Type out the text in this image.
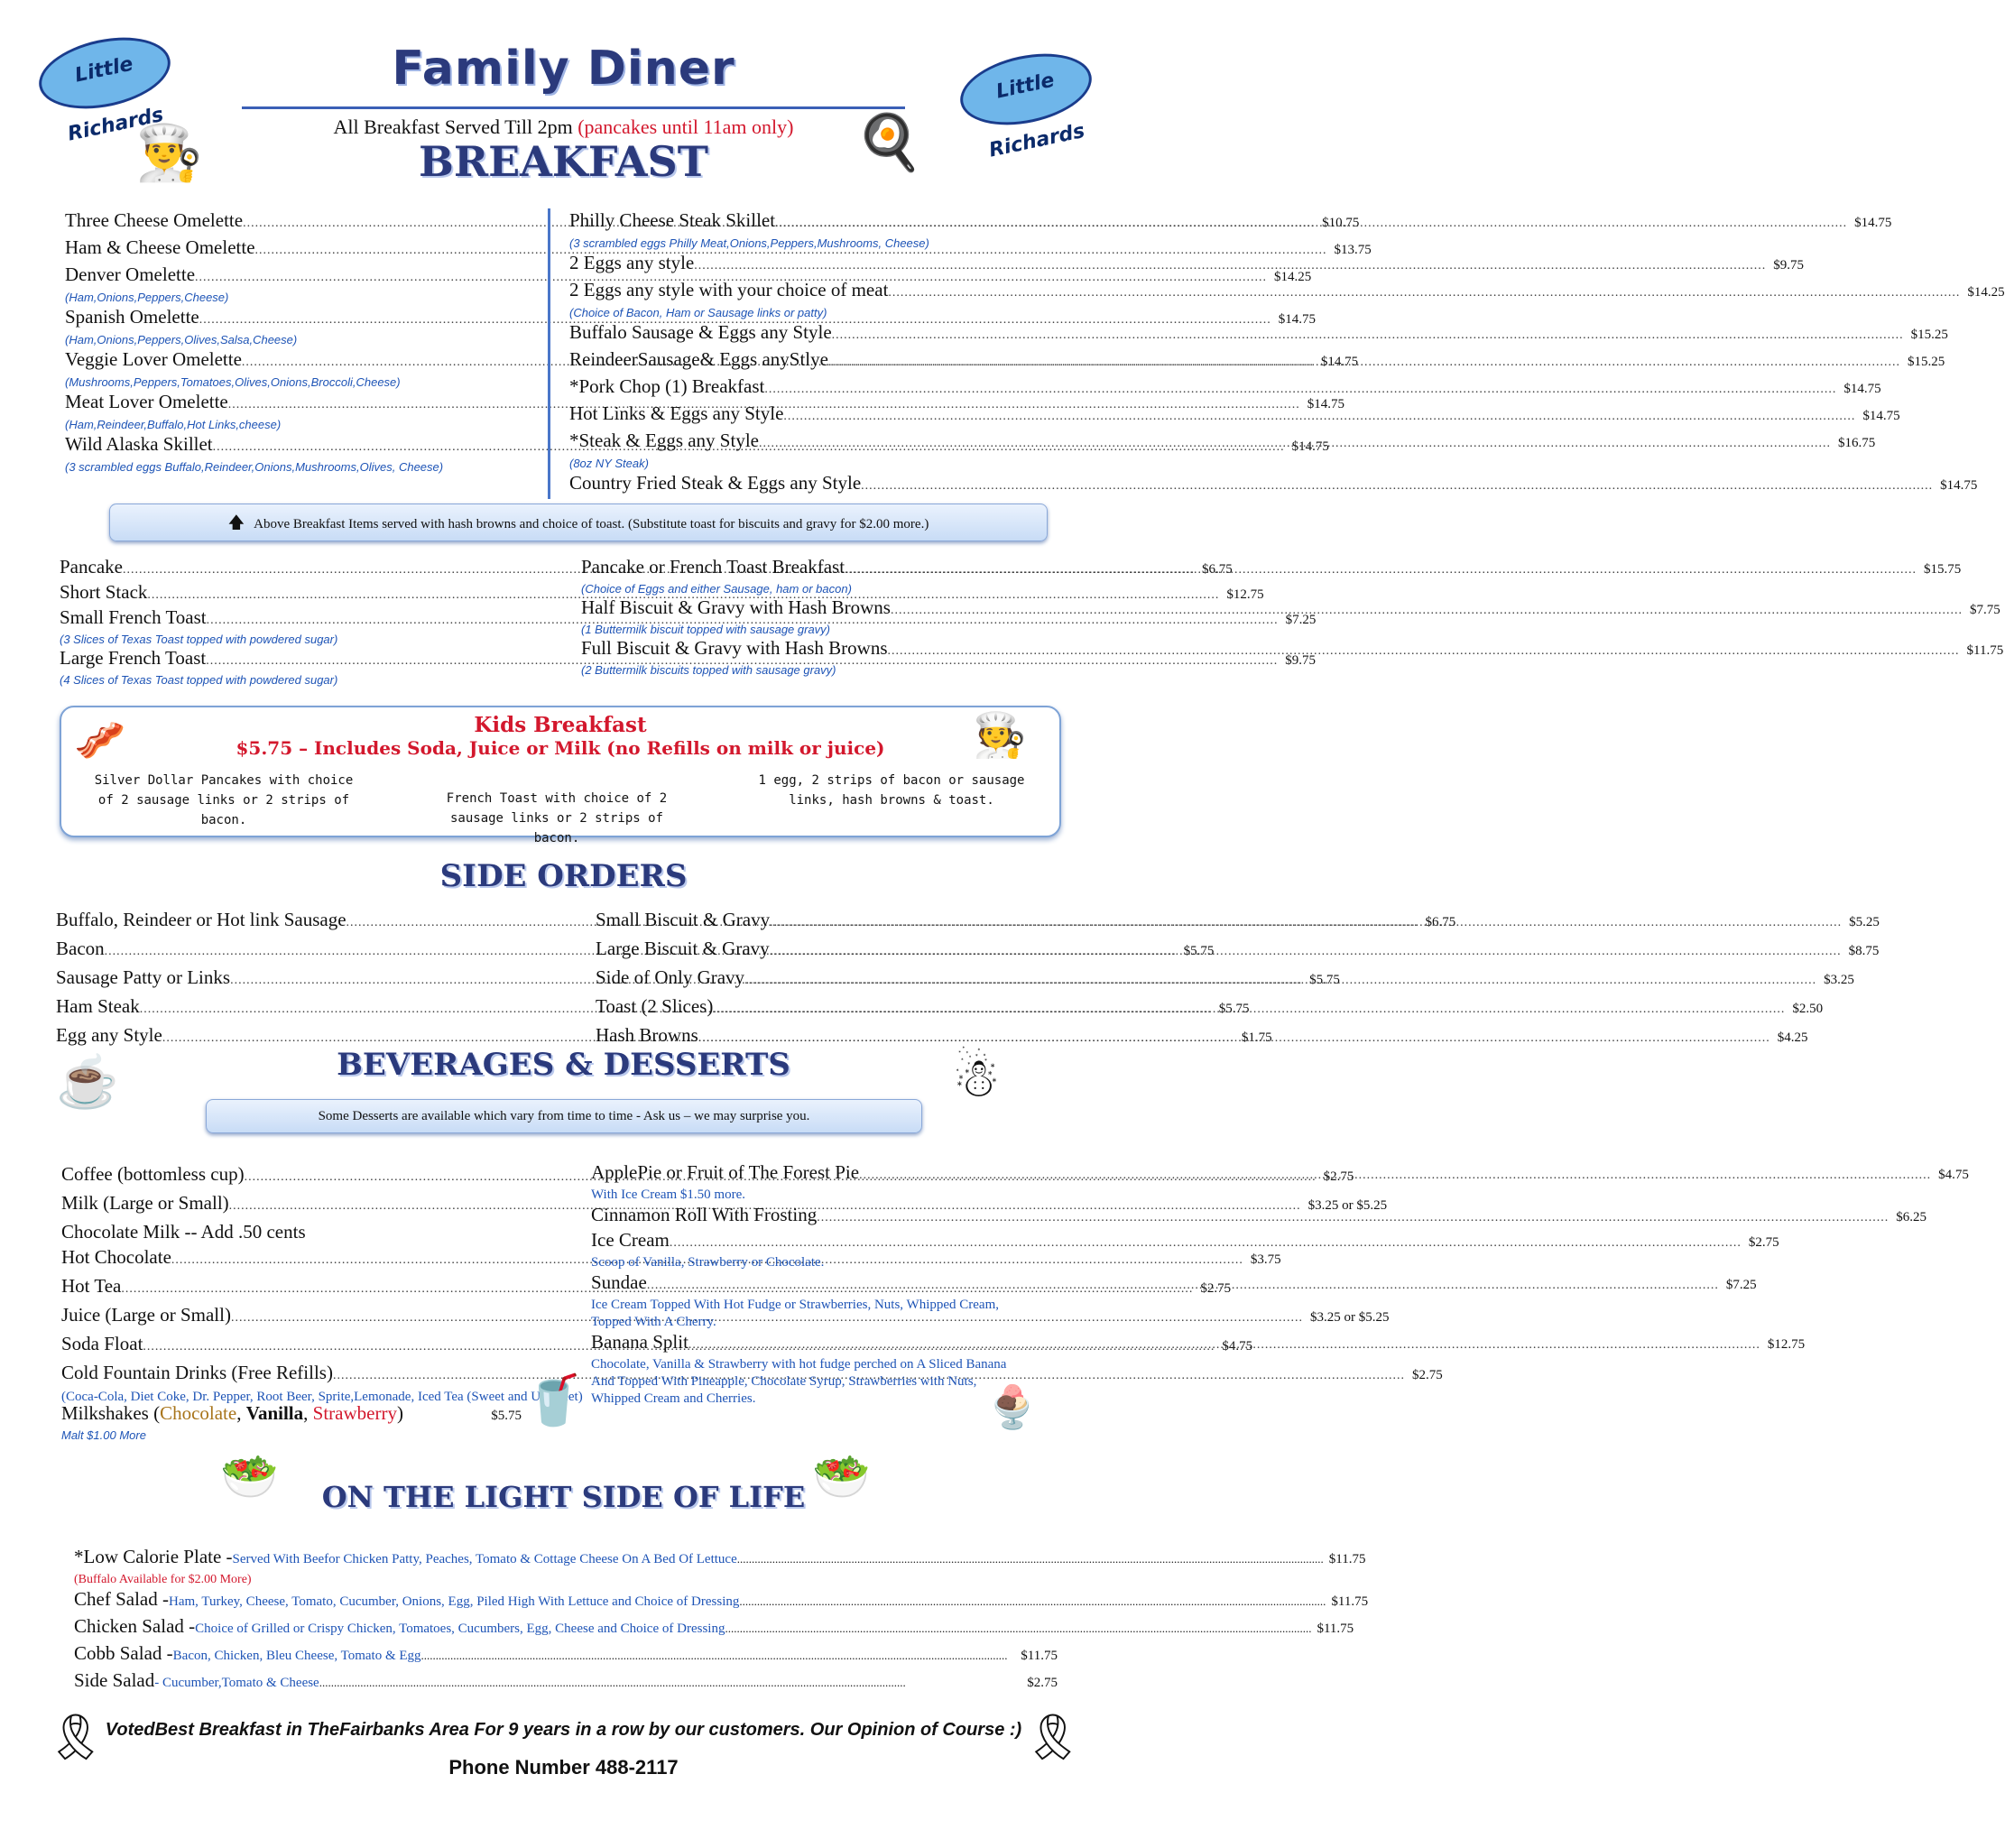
Little Richards
Little Richards
Family Diner
All Breakfast Served Till 2pm (pancakes until 11am only)
👨‍🍳	🍳
BREAKFAST
Three Cheese Omelette .....	$10.75
Ham & Cheese Omelette .....	$13.75
Denver Omelette .....	$14.25
(Ham,Onions,Peppers,Cheese)
Spanish Omelette .....	$14.75
(Ham,Onions,Peppers,Olives,Salsa,Cheese)
Veggie Lover Omelette .....	$14.75
(Mushrooms,Peppers,Tomatoes,Olives,Onions,Broccoli,Cheese)
Meat Lover Omelette .....	$14.75
(Ham,Reindeer,Buffalo,Hot Links,cheese)
Wild Alaska Skillet .....	$14.75
(3 scrambled eggs Buffalo,Reindeer,Onions,Mushrooms,Olives, Cheese)
Philly Cheese Steak Skillet .....	$14.75
(3 scrambled eggs Philly Meat,Onions,Peppers,Mushrooms, Cheese)
2 Eggs any style .....	$9.75
2 Eggs any style with your choice of meat .....	$14.25
(Choice of Bacon, Ham or Sausage links or patty)
Buffalo Sausage & Eggs any Style .....	$15.25
ReindeerSausage& Eggs anyStlye .....	$15.25
*Pork Chop (1) Breakfast .....	$14.75
Hot Links & Eggs any Style .....	$14.75
*Steak & Eggs any Style .....	$16.75
(8oz NY Steak)
Country Fried Steak & Eggs any Style .....	$14.75
🡅 Above Breakfast Items served with hash browns and choice of toast. (Substitute toast for biscuits and gravy for $2.00 more.)
Pancake .....	$6.75
Short Stack .....	$12.75
Small French Toast .....	$7.25
(3 Slices of Texas Toast topped with powdered sugar)
Large French Toast .....	$9.75
(4 Slices of Texas Toast topped with powdered sugar)
Pancake or French Toast Breakfast .....	$15.75
(Choice of Eggs and either Sausage, ham or bacon)
Half Biscuit & Gravy with Hash Browns .....	$7.75
(1 Buttermilk biscuit topped with sausage gravy)
Full Biscuit & Gravy with Hash Browns .....	$11.75
(2 Buttermilk biscuits topped with sausage gravy)
Kids Breakfast
$5.75 – Includes Soda, Juice or Milk (no Refills on milk or juice)
🥓	🧑‍🍳
Silver Dollar Pancakes with choice of 2 sausage links or 2 strips of bacon.
French Toast with choice of 2 sausage links or 2 strips of bacon.
1 egg, 2 strips of bacon or sausage links, hash browns & toast.
SIDE ORDERS
Buffalo, Reindeer or Hot link Sausage .....	$6.75
Bacon .....	$5.75
Sausage Patty or Links .....	$5.75
Ham Steak .....	$5.75
Egg any Style .....	$1.75
Small Biscuit & Gravy .....	$5.25
Large Biscuit & Gravy .....	$8.75
Side of Only Gravy .....	$3.25
Toast (2 Slices) .....	$2.50
Hash Browns .....	$4.25
☕	☃
BEVERAGES & DESSERTS
Some Desserts are available which vary from time to time - Ask us – we may surprise you.
Coffee (bottomless cup) .....	$2.75
Milk (Large or Small) .....	$3.25 or $5.25
Chocolate Milk -- Add .50 cents
Hot Chocolate .....	$3.75
Hot Tea .....	$2.75
Juice (Large or Small) .....	$3.25 or $5.25
Soda Float .....	$4.75
Cold Fountain Drinks (Free Refills) .....	$2.75
(Coca-Cola, Diet Coke, Dr. Pepper, Root Beer, Sprite,Lemonade, Iced Tea (Sweet and Unsweet)
Milkshakes (Chocolate, Vanilla, Strawberry)	$5.75
Malt $1.00 More
🥤
ApplePie or Fruit of The Forest Pie .....	$4.75
With Ice Cream $1.50 more.
Cinnamon Roll With Frosting .....	$6.25
Ice Cream .....	$2.75
Scoop of Vanilla, Strawberry or Chocolate.
Sundae .....	$7.25
Ice Cream Topped With Hot Fudge or Strawberries, Nuts, Whipped Cream, Topped With A Cherry.
Banana Split .....	$12.75
Chocolate, Vanilla & Strawberry with hot fudge perched on A Sliced Banana And Topped With Pineapple, Chocolate Syrup, Strawberries with Nuts, Whipped Cream and Cherries.	🍨
🥗	🥗
ON THE LIGHT SIDE OF LIFE
*Low Calorie Plate - Served With Beefor Chicken Patty, Peaches, Tomato & Cottage Cheese On A Bed Of Lettuce ........................................................................................................................................................................................................ $11.75
(Buffalo Available for $2.00 More)
Chef Salad - Ham, Turkey, Cheese, Tomato, Cucumber, Onions, Egg, Piled High With Lettuce and Choice of Dressing ........................................................................................................................................................................................................ $11.75
Chicken Salad - Choice of Grilled or Crispy Chicken, Tomatoes, Cucumbers, Egg, Cheese and Choice of Dressing ........................................................................................................................................................................................................ $11.75
Cobb Salad - Bacon, Chicken, Bleu Cheese, Tomato & Egg ........................................................................................................................................................................................................ $11.75
Side Salad - Cucumber,Tomato & Cheese ........................................................................................................................................................................................................	$2.75
🎗	🎗
VotedBest Breakfast in TheFairbanks Area For 9 years in a row by our customers. Our Opinion of Course :)
Phone Number 488-2117
